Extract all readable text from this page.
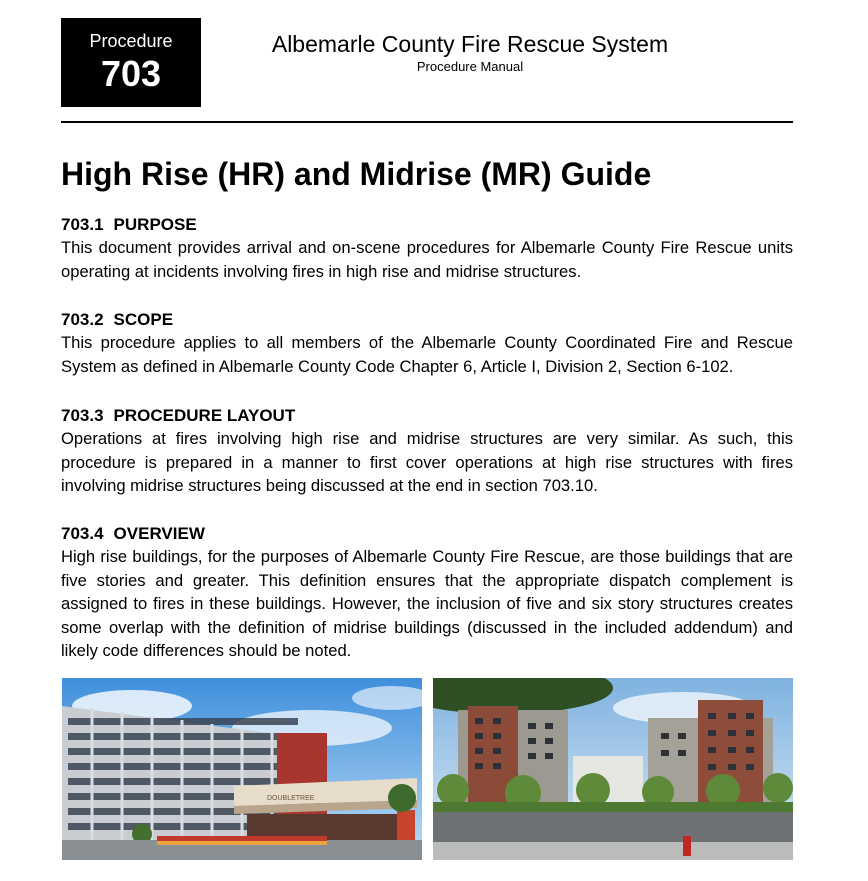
Procedure
703
Albemarle County Fire Rescue System
Procedure Manual
High Rise (HR) and Midrise (MR) Guide
703.1 PURPOSE
This document provides arrival and on-scene procedures for Albemarle County Fire Rescue units operating at incidents involving fires in high rise and midrise structures.
703.2 SCOPE
This procedure applies to all members of the Albemarle County Coordinated Fire and Rescue System as defined in Albemarle County Code Chapter 6, Article I, Division 2, Section 6-102.
703.3 PROCEDURE LAYOUT
Operations at fires involving high rise and midrise structures are very similar. As such, this procedure is prepared in a manner to first cover operations at high rise structures with fires involving midrise structures being discussed at the end in section 703.10.
703.4 OVERVIEW
High rise buildings, for the purposes of Albemarle County Fire Rescue, are those buildings that are five stories and greater. This definition ensures that the appropriate dispatch complement is assigned to fires in these buildings. However, the inclusion of five and six story structures creates some overlap with the definition of midrise buildings (discussed in the included addendum) and likely code differences should be noted.
DOUBLETREE
